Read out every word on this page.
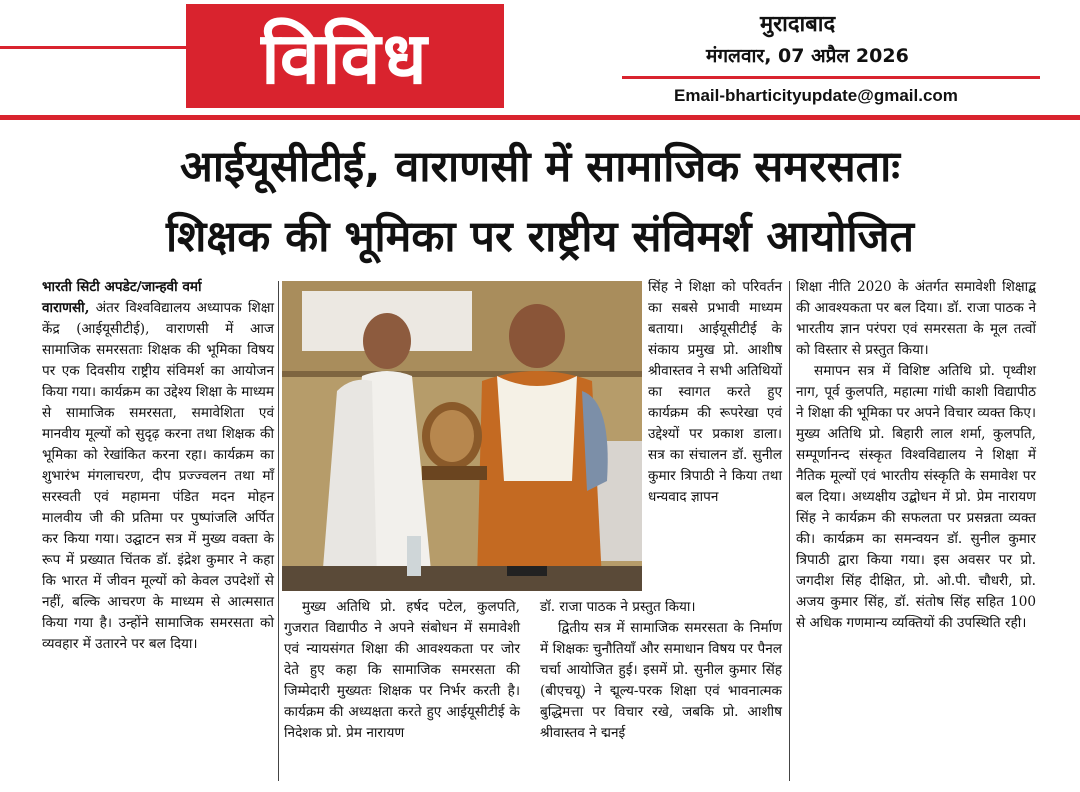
विविध	मुरादाबाद
मंगलवार, 07 अप्रैल 2026
Email-bharticityupdate@gmail.com
आईयूसीटीई, वाराणसी में सामाजिक समरसताः
शिक्षक की भूमिका पर राष्ट्रीय संविमर्श आयोजित

भारती सिटी अपडेट/जान्हवी वर्मा
वाराणसी, अंतर विश्वविद्यालय अध्यापक शिक्षा केंद्र (आईयूसीटीई), वाराणसी में आज सामाजिक समरसताः शिक्षक की भूमिका विषय पर एक दिवसीय राष्ट्रीय संविमर्श का आयोजन किया गया। कार्यक्रम का उद्देश्य शिक्षा के माध्यम से सामाजिक समरसता, समावेशिता एवं मानवीय मूल्यों को सुदृढ़ करना तथा शिक्षक की भूमिका को रेखांकित करना रहा। कार्यक्रम का शुभारंभ मंगलाचरण, दीप प्रज्ज्वलन तथा माँ सरस्वती एवं महामना पंडित मदन मोहन मालवीय जी की प्रतिमा पर पुष्पांजलि अर्पित कर किया गया। उद्घाटन सत्र में मुख्य वक्ता के रूप में प्रख्यात चिंतक डॉ. इंद्रेश कुमार ने कहा कि भारत में जीवन मूल्यों को केवल उपदेशों से नहीं, बल्कि आचरण के माध्यम से आत्मसात किया गया है। उन्होंने सामाजिक समरसता को व्यवहार में उतारने पर बल दिया।

मुख्य अतिथि प्रो. हर्षद पटेल, कुलपति, गुजरात विद्यापीठ ने अपने संबोधन में समावेशी एवं न्यायसंगत शिक्षा की आवश्यकता पर जोर देते हुए कहा कि सामाजिक समरसता की जिम्मेदारी मुख्यतः शिक्षक पर निर्भर करती है। कार्यक्रम की अध्यक्षता करते हुए आईयूसीटीई के निदेशक प्रो. प्रेम नारायण

सिंह ने शिक्षा को परिवर्तन का सबसे प्रभावी माध्यम बताया। आईयूसीटीई के संकाय प्रमुख प्रो. आशीष श्रीवास्तव ने सभी अतिथियों का स्वागत करते हुए कार्यक्रम की रूपरेखा एवं उद्देश्यों पर प्रकाश डाला। सत्र का संचालन डॉ. सुनील कुमार त्रिपाठी ने किया तथा धन्यवाद ज्ञापन

डॉ. राजा पाठक ने प्रस्तुत किया।

द्वितीय सत्र में सामाजिक समरसता के निर्माण में शिक्षकः चुनौतियाँ और समाधान विषय पर पैनल चर्चा आयोजित हुई। इसमें प्रो. सुनील कुमार सिंह (बीएचयू) ने द्मूल्य-परक शिक्षा एवं भावनात्मक बुद्धिमत्ता पर विचार रखे, जबकि प्रो. आशीष श्रीवास्तव ने द्मनई

शिक्षा नीति 2020 के अंतर्गत समावेशी शिक्षाद्ब की आवश्यकता पर बल दिया। डॉ. राजा पाठक ने भारतीय ज्ञान परंपरा एवं समरसता के मूल तत्वों को विस्तार से प्रस्तुत किया।

समापन सत्र में विशिष्ट अतिथि प्रो. पृथ्वीश नाग, पूर्व कुलपति, महात्मा गांधी काशी विद्यापीठ ने शिक्षा की भूमिका पर अपने विचार व्यक्त किए। मुख्य अतिथि प्रो. बिहारी लाल शर्मा, कुलपति, सम्पूर्णानन्द संस्कृत विश्वविद्यालय ने शिक्षा में नैतिक मूल्यों एवं भारतीय संस्कृति के समावेश पर बल दिया। अध्यक्षीय उद्बोधन में प्रो. प्रेम नारायण सिंह ने कार्यक्रम की सफलता पर प्रसन्नता व्यक्त की। कार्यक्रम का समन्वयन डॉ. सुनील कुमार त्रिपाठी द्वारा किया गया। इस अवसर पर प्रो. जगदीश सिंह दीक्षित, प्रो. ओ.पी. चौधरी, प्रो. अजय कुमार सिंह, डॉ. संतोष सिंह सहित 100 से अधिक गणमान्य व्यक्तियों की उपस्थिति रही।
